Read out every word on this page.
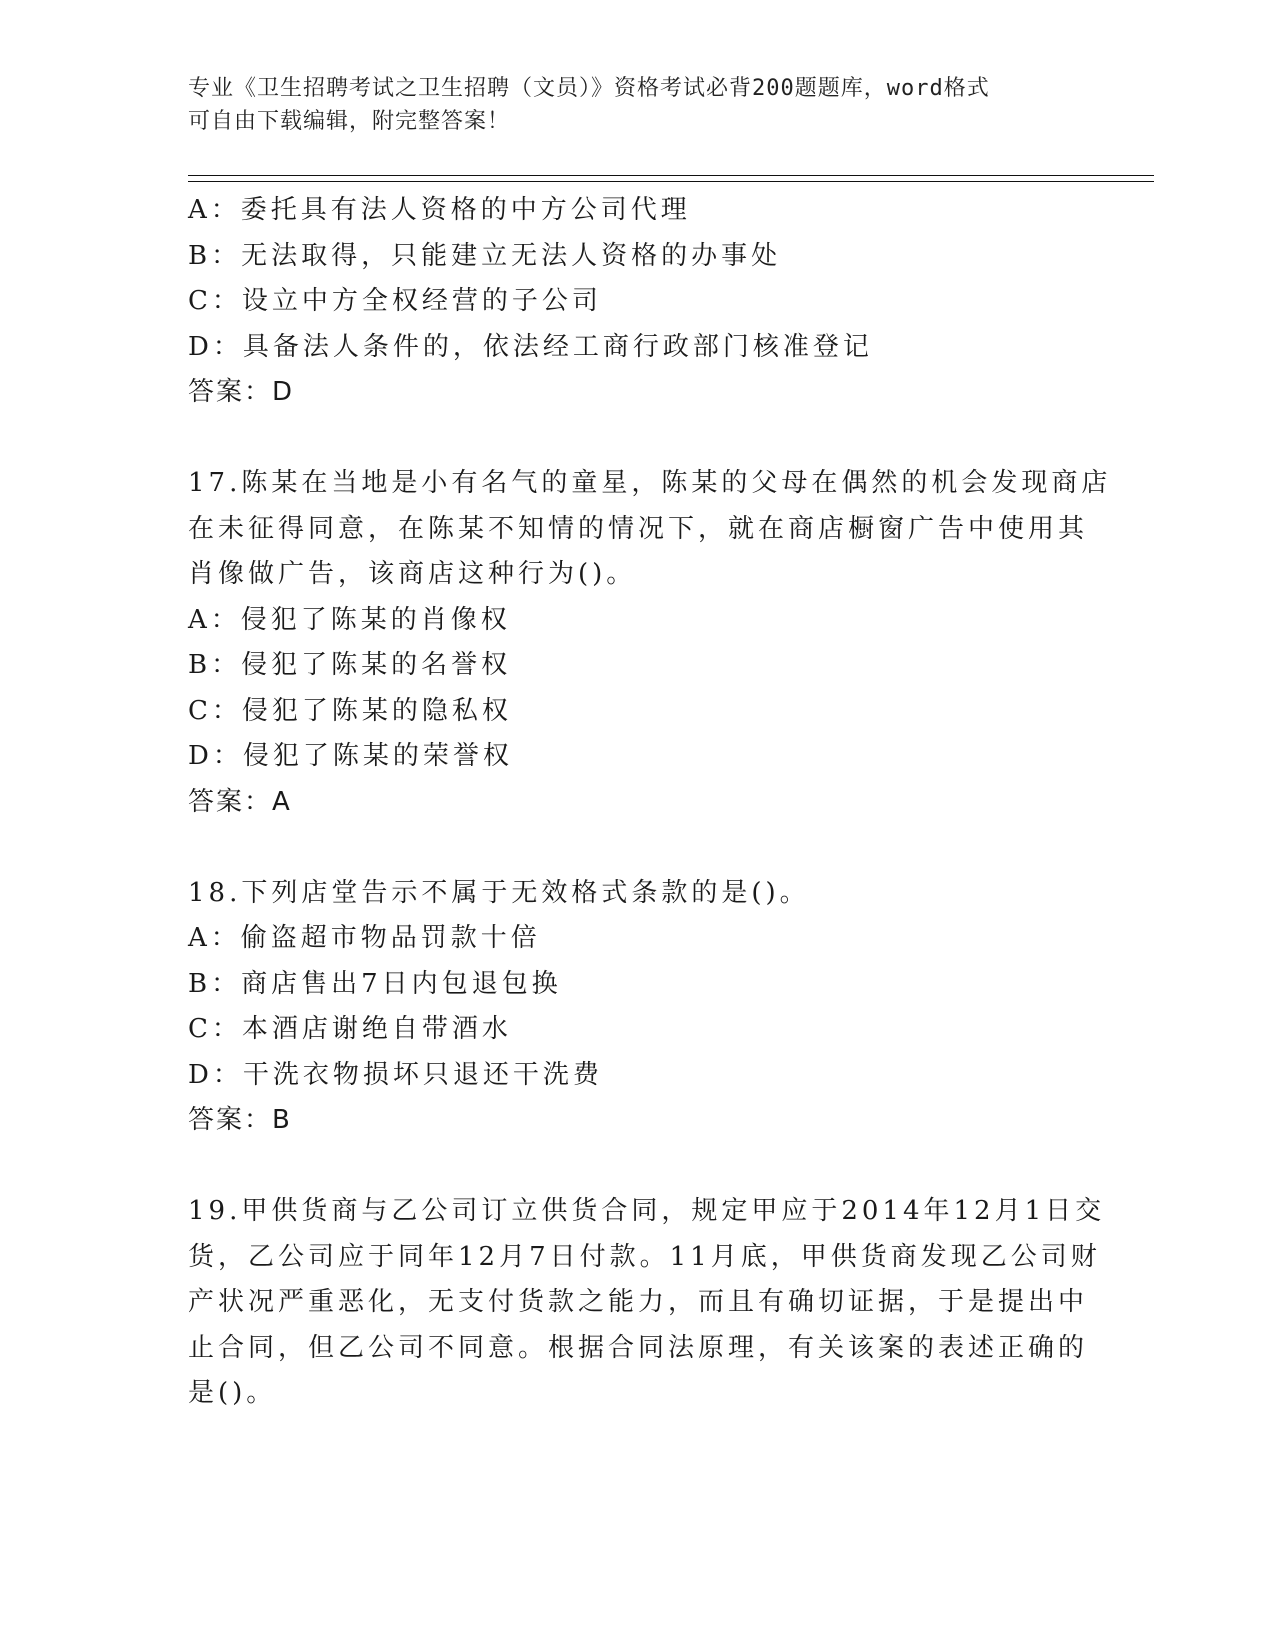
专业《卫生招聘考试之卫生招聘（文员）》资格考试必背200题题库，word格式
可自由下载编辑，附完整答案！
A：委托具有法人资格的中方公司代理
B：无法取得，只能建立无法人资格的办事处
C：设立中方全权经营的子公司
D：具备法人条件的，依法经工商行政部门核准登记
答案：D
17.陈某在当地是小有名气的童星，陈某的父母在偶然的机会发现商店
在未征得同意，在陈某不知情的情况下，就在商店橱窗广告中使用其
肖像做广告，该商店这种行为()。
A：侵犯了陈某的肖像权
B：侵犯了陈某的名誉权
C：侵犯了陈某的隐私权
D：侵犯了陈某的荣誉权
答案：A
18.下列店堂告示不属于无效格式条款的是()。
A：偷盗超市物品罚款十倍
B：商店售出7日内包退包换
C：本酒店谢绝自带酒水
D：干洗衣物损坏只退还干洗费
答案：B
19.甲供货商与乙公司订立供货合同，规定甲应于2014年12月1日交
货，乙公司应于同年12月7日付款。11月底，甲供货商发现乙公司财
产状况严重恶化，无支付货款之能力，而且有确切证据，于是提出中
止合同，但乙公司不同意。根据合同法原理，有关该案的表述正确的
是()。
